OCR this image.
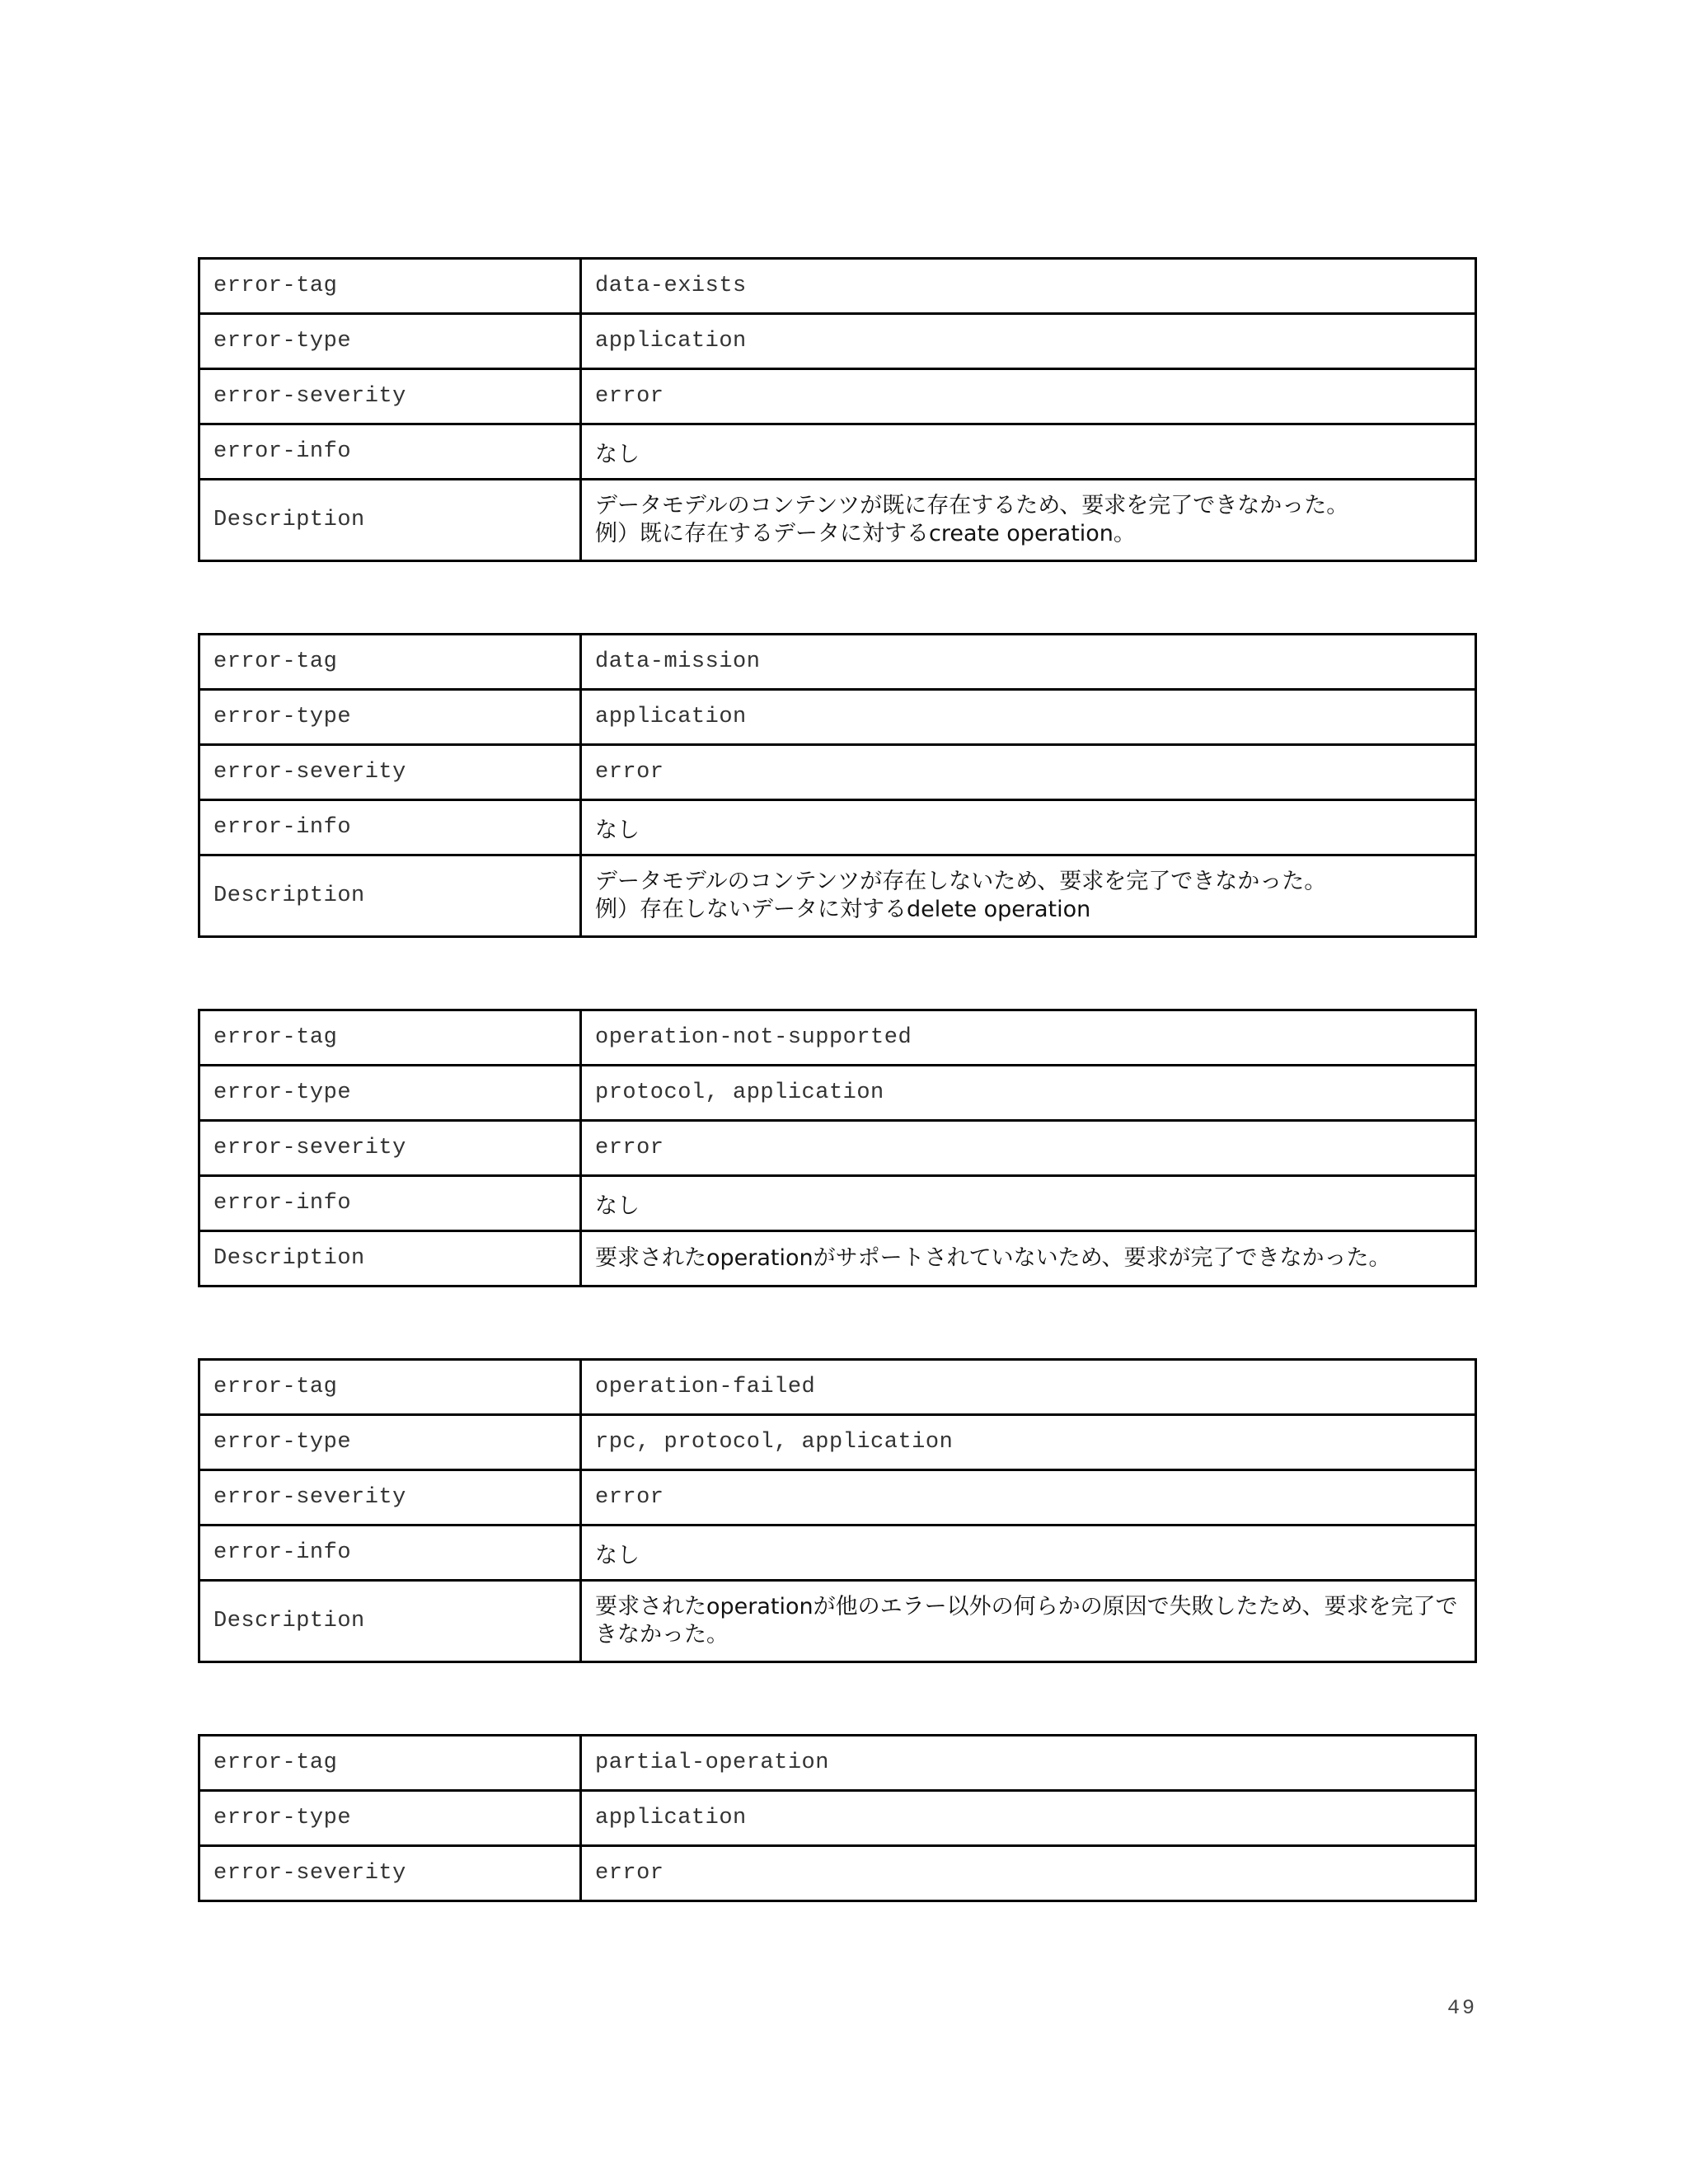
error-tag	data-exists
error-type	application
error-severity	error
error-info	なし
Description	データモデルのコンテンツが既に存在するため、要求を完了できなかった。
例）既に存在するデータに対するcreate operation。
error-tag	data-mission
error-type	application
error-severity	error
error-info	なし
Description	データモデルのコンテンツが存在しないため、要求を完了できなかった。
例）存在しないデータに対するdelete operation
error-tag	operation-not-supported
error-type	protocol, application
error-severity	error
error-info	なし
Description	要求されたoperationがサポートされていないため、要求が完了できなかった。
error-tag	operation-failed
error-type	rpc, protocol, application
error-severity	error
error-info	なし
Description	要求されたoperationが他のエラー以外の何らかの原因で失敗したため、要求を完了で
きなかった。
error-tag	partial-operation
error-type	application
error-severity	error
49
